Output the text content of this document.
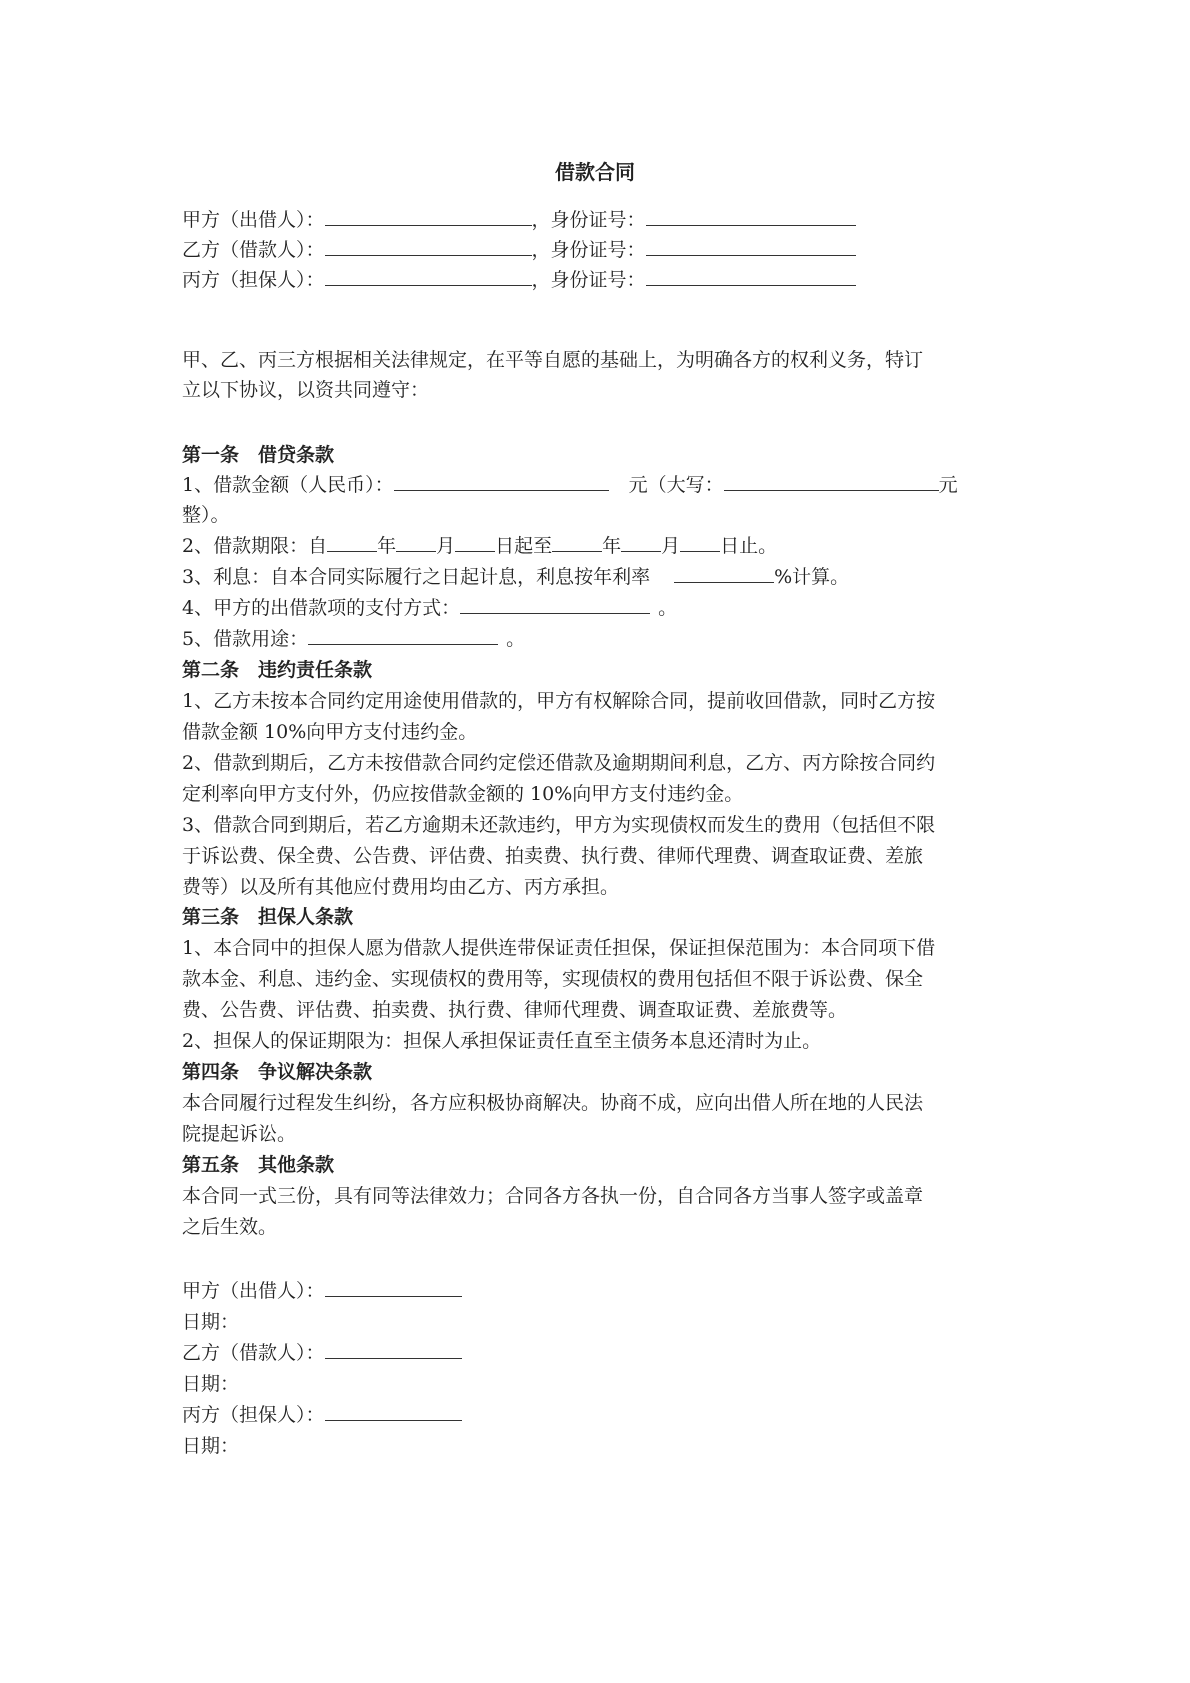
借款合同
甲方（出借人）：	，身份证号：
乙方（借款人）：	，身份证号：
丙方（担保人）：	，身份证号：
甲、乙、丙三方根据相关法律规定，在平等自愿的基础上，为明确各方的权利义务，特订
立以下协议，以资共同遵守：
第一条　借贷条款
1、借款金额（人民币）：	元（大写：	元
整）。
2、借款期限：自	年 月 日起至	年 月 日止。
3、利息：自本合同实际履行之日起计息，利息按年利率	%计算。
4、甲方的出借款项的支付方式：	。
5、借款用途：	。
第二条　违约责任条款
1、乙方未按本合同约定用途使用借款的，甲方有权解除合同，提前收回借款，同时乙方按
借款金额 10%向甲方支付违约金。
2、借款到期后，乙方未按借款合同约定偿还借款及逾期期间利息，乙方、丙方除按合同约
定利率向甲方支付外，仍应按借款金额的 10%向甲方支付违约金。
3、借款合同到期后，若乙方逾期未还款违约，甲方为实现债权而发生的费用（包括但不限
于诉讼费、保全费、公告费、评估费、拍卖费、执行费、律师代理费、调查取证费、差旅
费等）以及所有其他应付费用均由乙方、丙方承担。
第三条　担保人条款
1、本合同中的担保人愿为借款人提供连带保证责任担保，保证担保范围为：本合同项下借
款本金、利息、违约金、实现债权的费用等，实现债权的费用包括但不限于诉讼费、保全
费、公告费、评估费、拍卖费、执行费、律师代理费、调查取证费、差旅费等。
2、担保人的保证期限为：担保人承担保证责任直至主债务本息还清时为止。
第四条　争议解决条款
本合同履行过程发生纠纷，各方应积极协商解决。协商不成，应向出借人所在地的人民法
院提起诉讼。
第五条　其他条款
本合同一式三份，具有同等法律效力；合同各方各执一份，自合同各方当事人签字或盖章
之后生效。
甲方（出借人）：
日期：
乙方（借款人）：
日期：
丙方（担保人）：
日期：
